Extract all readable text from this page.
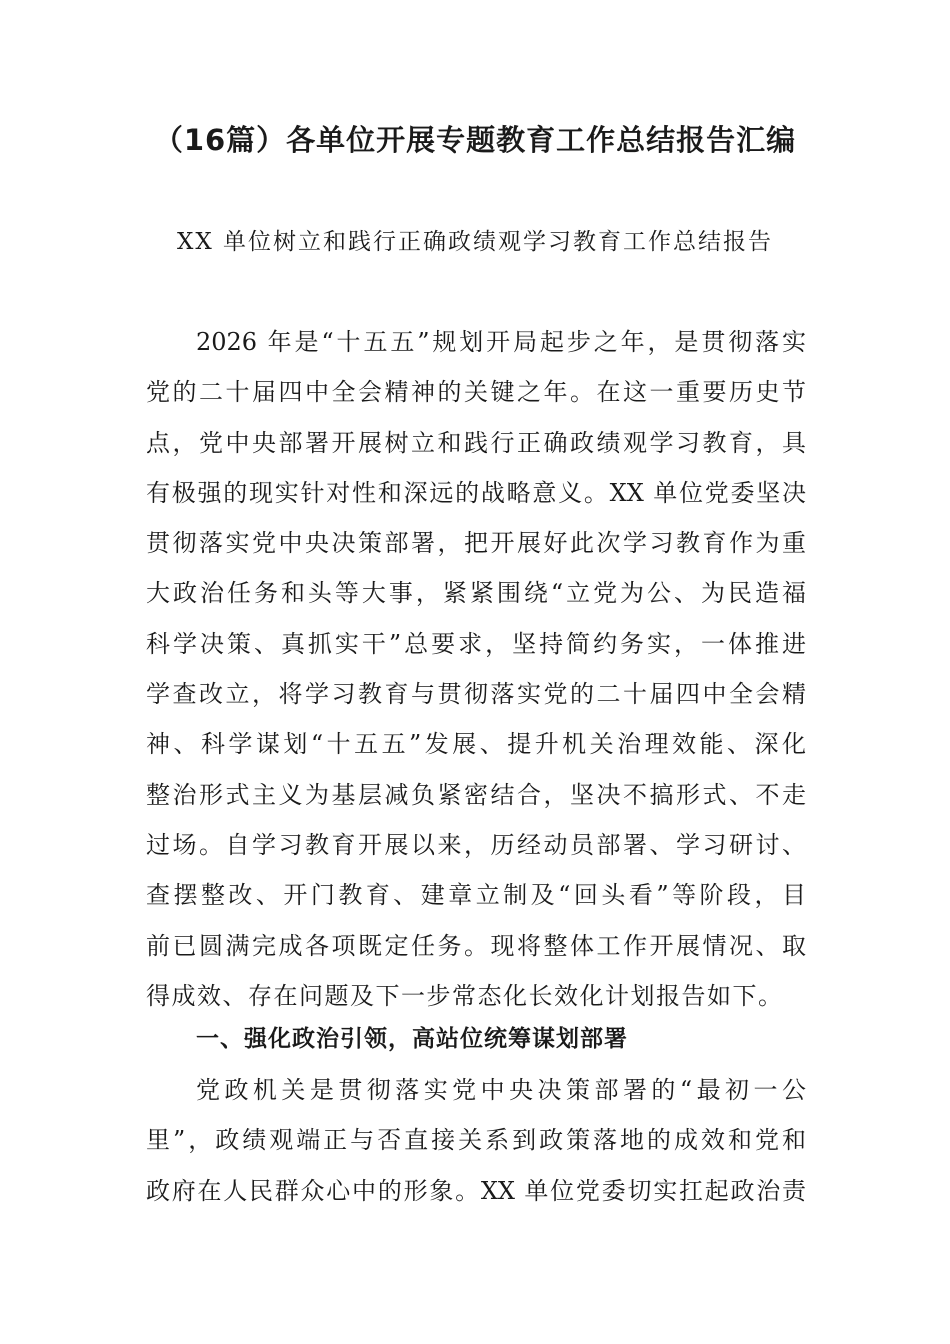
（16篇）各单位开展专题教育工作总结报告汇编
XX 单位树立和践行正确政绩观学习教育工作总结报告
2026 年是“十五五”规划开局起步之年，是贯彻落实
党的二十届四中全会精神的关键之年。在这一重要历史节
点，党中央部署开展树立和践行正确政绩观学习教育，具
有极强的现实针对性和深远的战略意义。XX 单位党委坚决
贯彻落实党中央决策部署，把开展好此次学习教育作为重
大政治任务和头等大事，紧紧围绕“立党为公、为民造福
科学决策、真抓实干”总要求，坚持简约务实，一体推进
学查改立，将学习教育与贯彻落实党的二十届四中全会精
神、科学谋划“十五五”发展、提升机关治理效能、深化
整治形式主义为基层减负紧密结合，坚决不搞形式、不走
过场。自学习教育开展以来，历经动员部署、学习研讨、
查摆整改、开门教育、建章立制及“回头看”等阶段，目
前已圆满完成各项既定任务。现将整体工作开展情况、取
得成效、存在问题及下一步常态化长效化计划报告如下。
一、强化政治引领，高站位统筹谋划部署
党政机关是贯彻落实党中央决策部署的“最初一公
里”，政绩观端正与否直接关系到政策落地的成效和党和
政府在人民群众心中的形象。XX 单位党委切实扛起政治责
